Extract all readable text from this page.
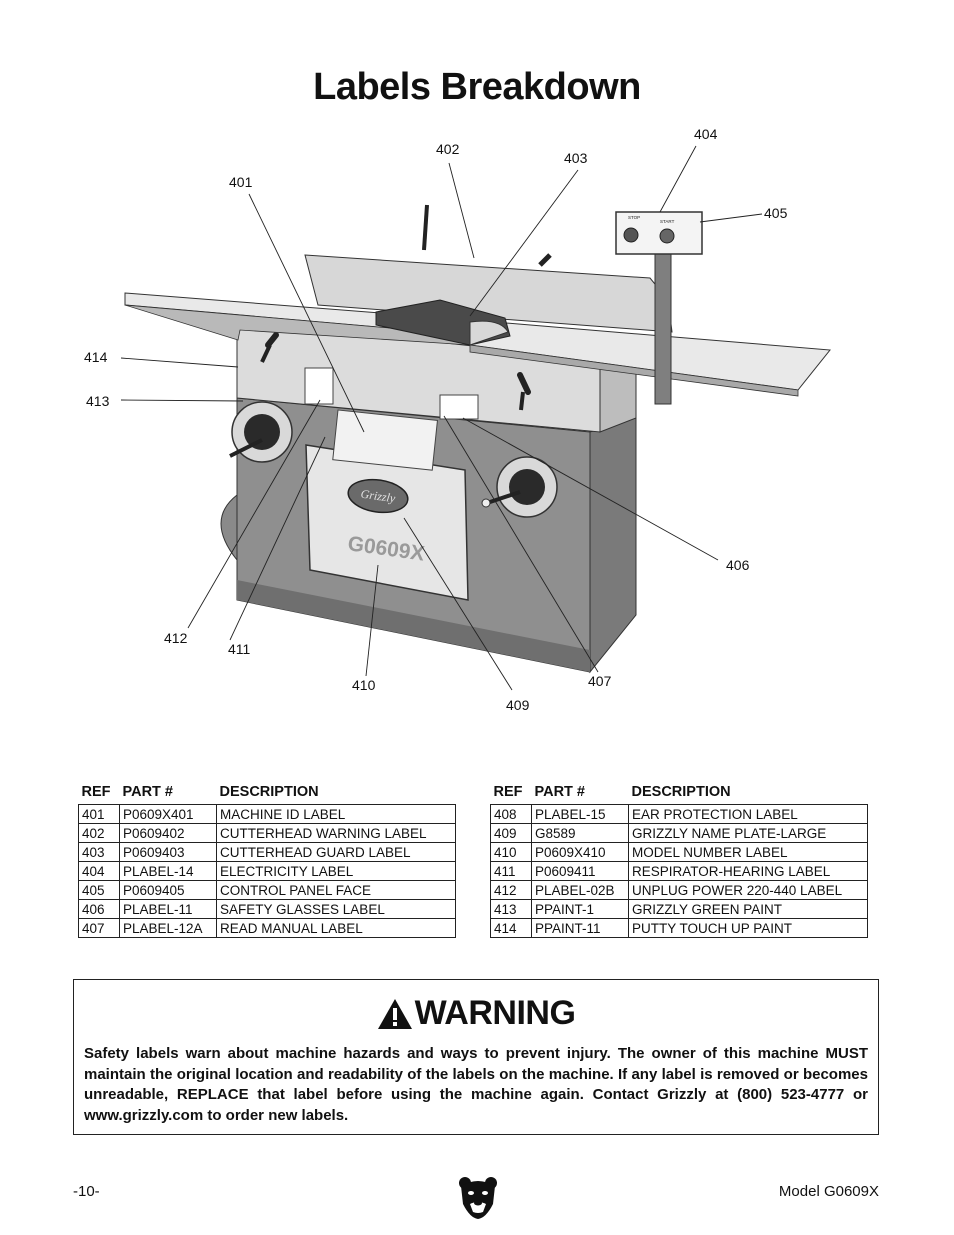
Labels Breakdown
Grizzly
G0609X
STOP
START
401
402
403
404
405
406
407
409
410
411
412
413
414
REF	PART #	DESCRIPTION
401	P0609X401	MACHINE ID LABEL
402	P0609402	CUTTERHEAD WARNING LABEL
403	P0609403	CUTTERHEAD GUARD LABEL
404	PLABEL-14	ELECTRICITY LABEL
405	P0609405	CONTROL PANEL FACE
406	PLABEL-11	SAFETY GLASSES LABEL
407	PLABEL-12A	READ MANUAL LABEL
REF	PART #	DESCRIPTION
408	PLABEL-15	EAR PROTECTION LABEL
409	G8589	GRIZZLY NAME PLATE-LARGE
410	P0609X410	MODEL NUMBER LABEL
411	P0609411	RESPIRATOR-HEARING LABEL
412	PLABEL-02B	UNPLUG POWER 220-440 LABEL
413	PPAINT-1	GRIZZLY GREEN PAINT
414	PPAINT-11	PUTTY TOUCH UP PAINT
WARNING
Safety labels warn about machine hazards and ways to prevent injury. The owner of this machine MUST maintain the original location and readability of the labels on the machine. If any label is removed or becomes unreadable, REPLACE that label before using the machine again. Contact Grizzly at (800) 523-4777 or www.grizzly.com to order new labels.
-10-	Model G0609X
